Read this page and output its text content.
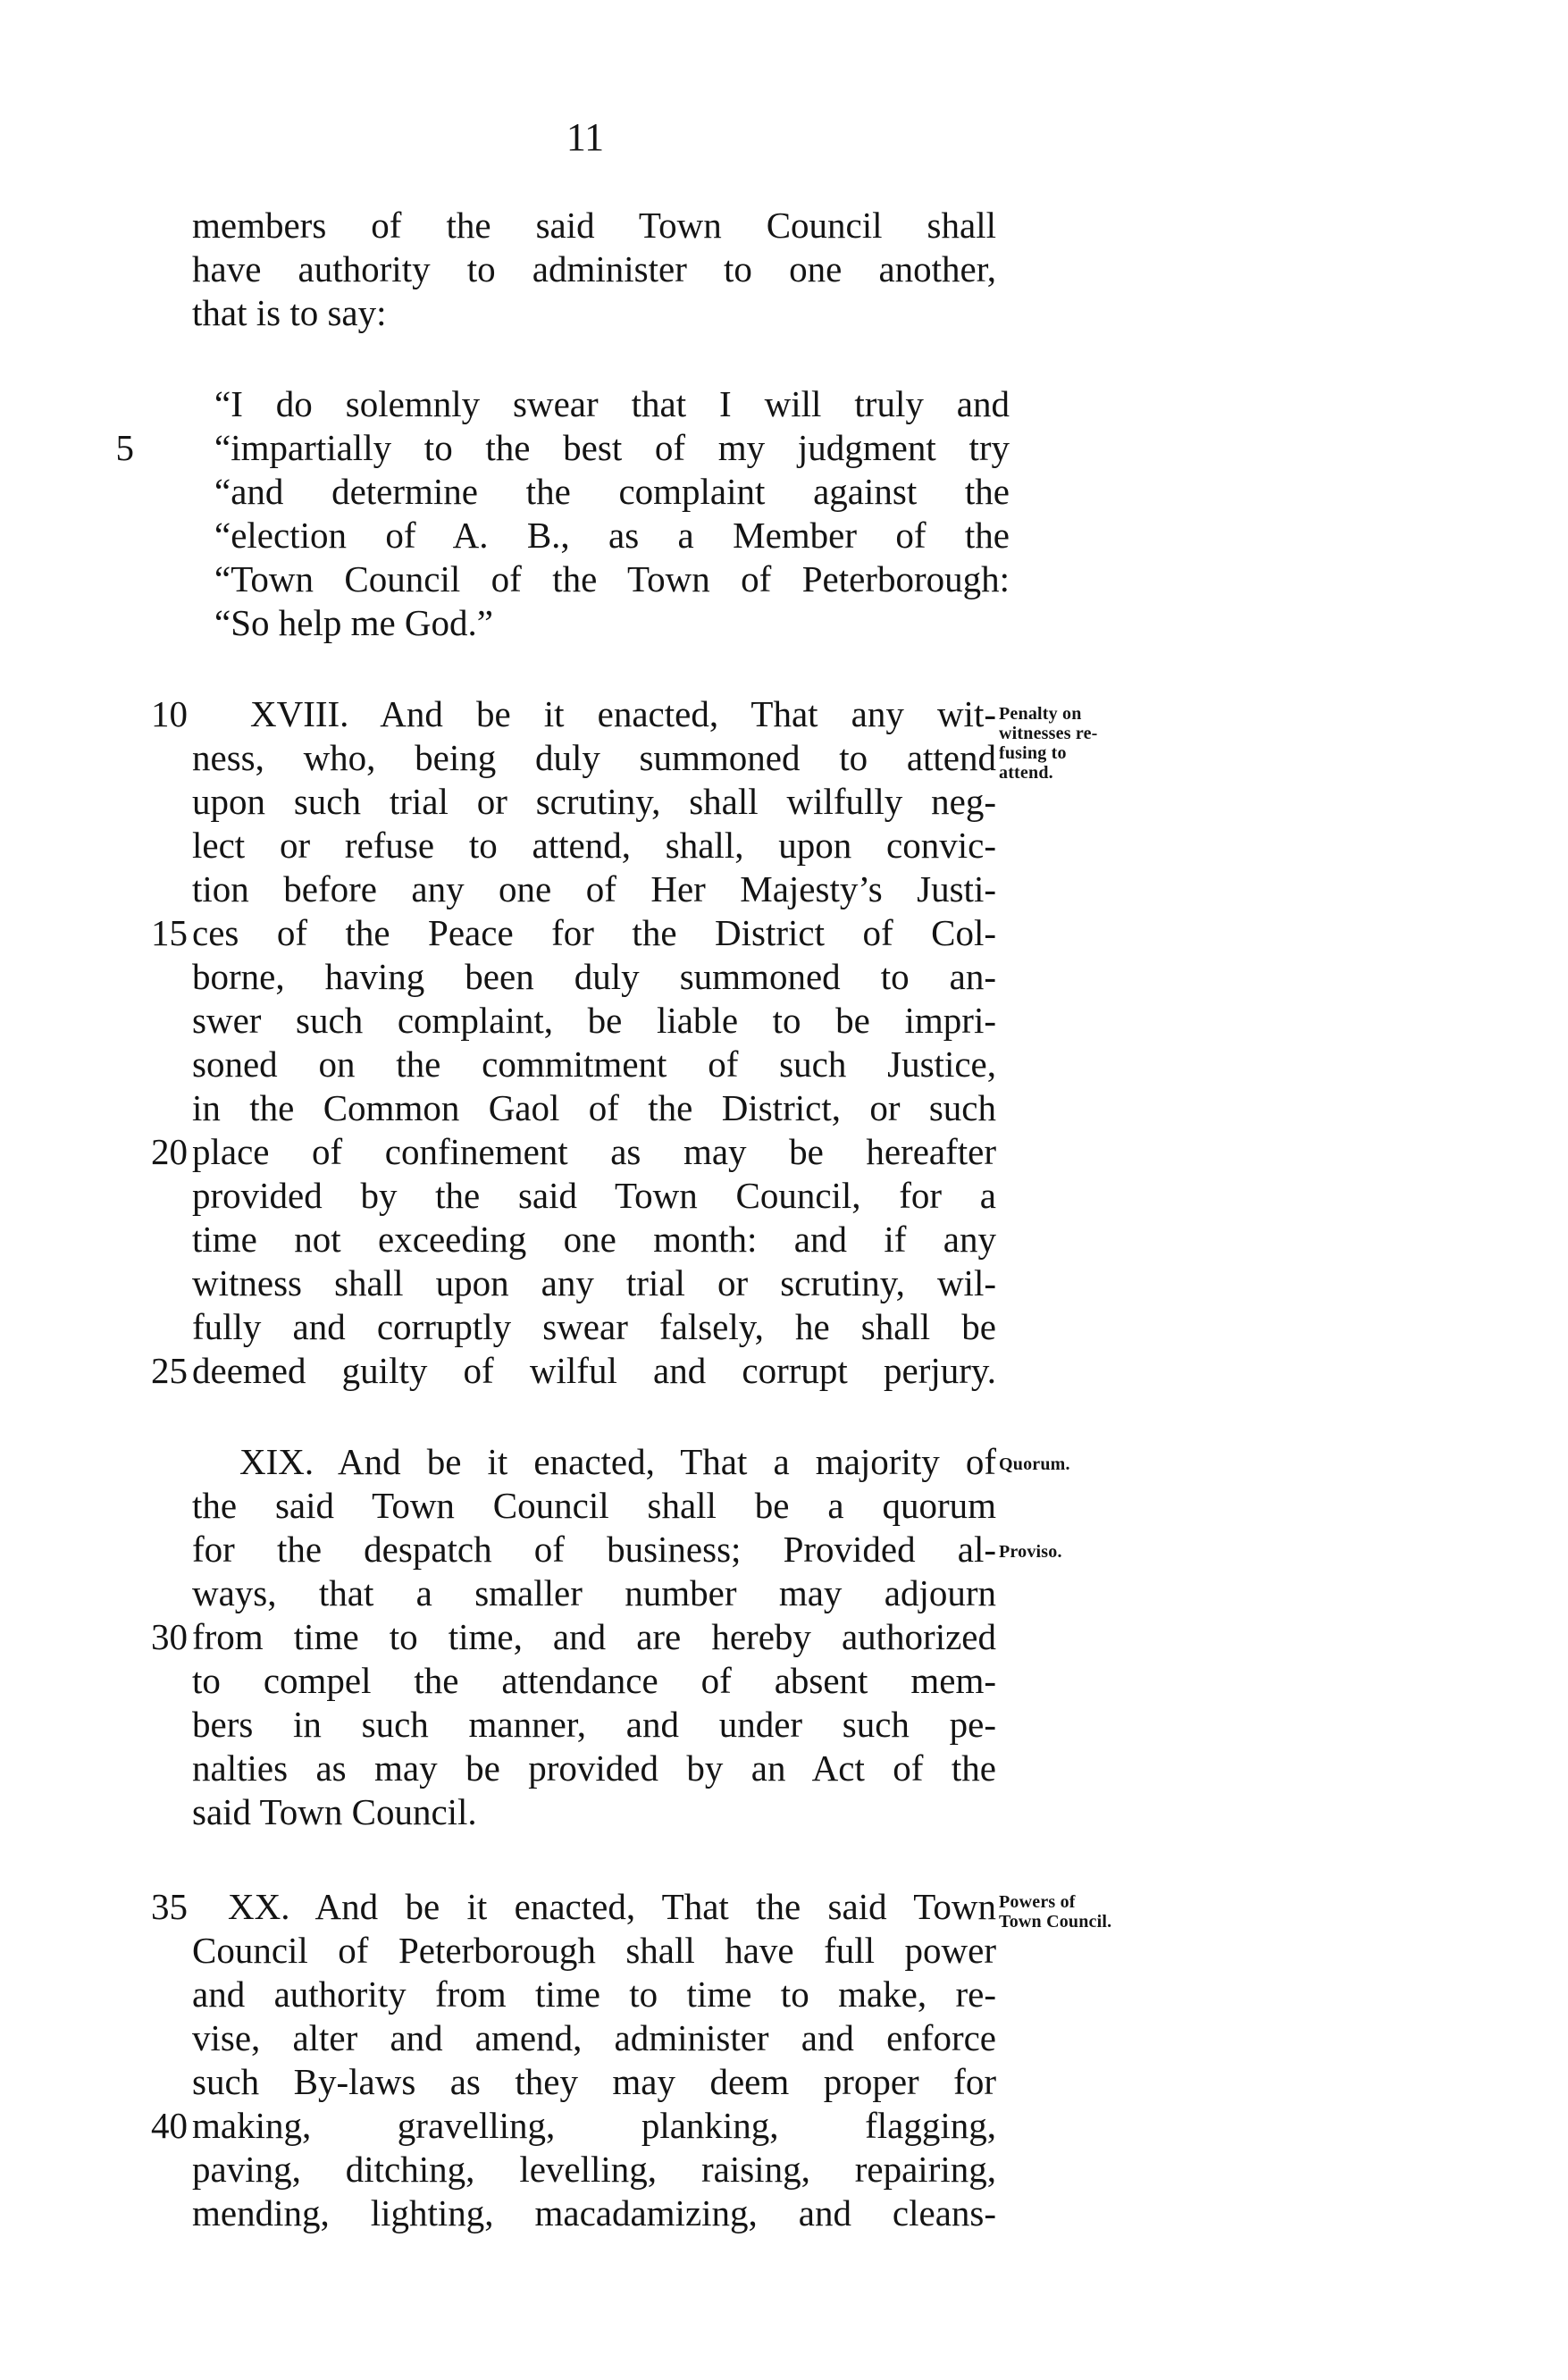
11
members of the said Town Council shall
have authority to administer to one another,
that is to say:
“I do solemnly swear that I will truly and
“impartially to the best of my judgment try
“and determine the complaint against the
“election of A. B., as a Member of the
“Town Council of the Town of Peterborough:
“So help me God.”
XVIII. And be it enacted, That any wit-
ness, who, being duly summoned to attend
upon such trial or scrutiny, shall wilfully neg-
lect or refuse to attend, shall, upon convic-
tion before any one of Her Majesty’s Justi-
ces of the Peace for the District of Col-
borne, having been duly summoned to an-
swer such complaint, be liable to be impri-
soned on the commitment of such Justice,
in the Common Gaol of the District, or such
place of confinement as may be hereafter
provided by the said Town Council, for a
time not exceeding one month: and if any
witness shall upon any trial or scrutiny, wil-
fully and corruptly swear falsely, he shall be
deemed guilty of wilful and corrupt perjury.
XIX. And be it enacted, That a majority of
the said Town Council shall be a quorum
for the despatch of business; Provided al-
ways, that a smaller number may adjourn
from time to time, and are hereby authorized
to compel the attendance of absent mem-
bers in such manner, and under such pe-
nalties as may be provided by an Act of the
said Town Council.
XX. And be it enacted, That the said Town
Council of Peterborough shall have full power
and authority from time to time to make, re-
vise, alter and amend, administer and enforce
such By-laws as they may deem proper for
making, gravelling, planking, flagging,
paving, ditching, levelling, raising, repairing,
mending, lighting, macadamizing, and cleans-
5
10
15
20
25
30
35
40
Penalty on
witnesses re-
fusing to
attend.
Quorum.
Proviso.
Powers of
Town Council.
